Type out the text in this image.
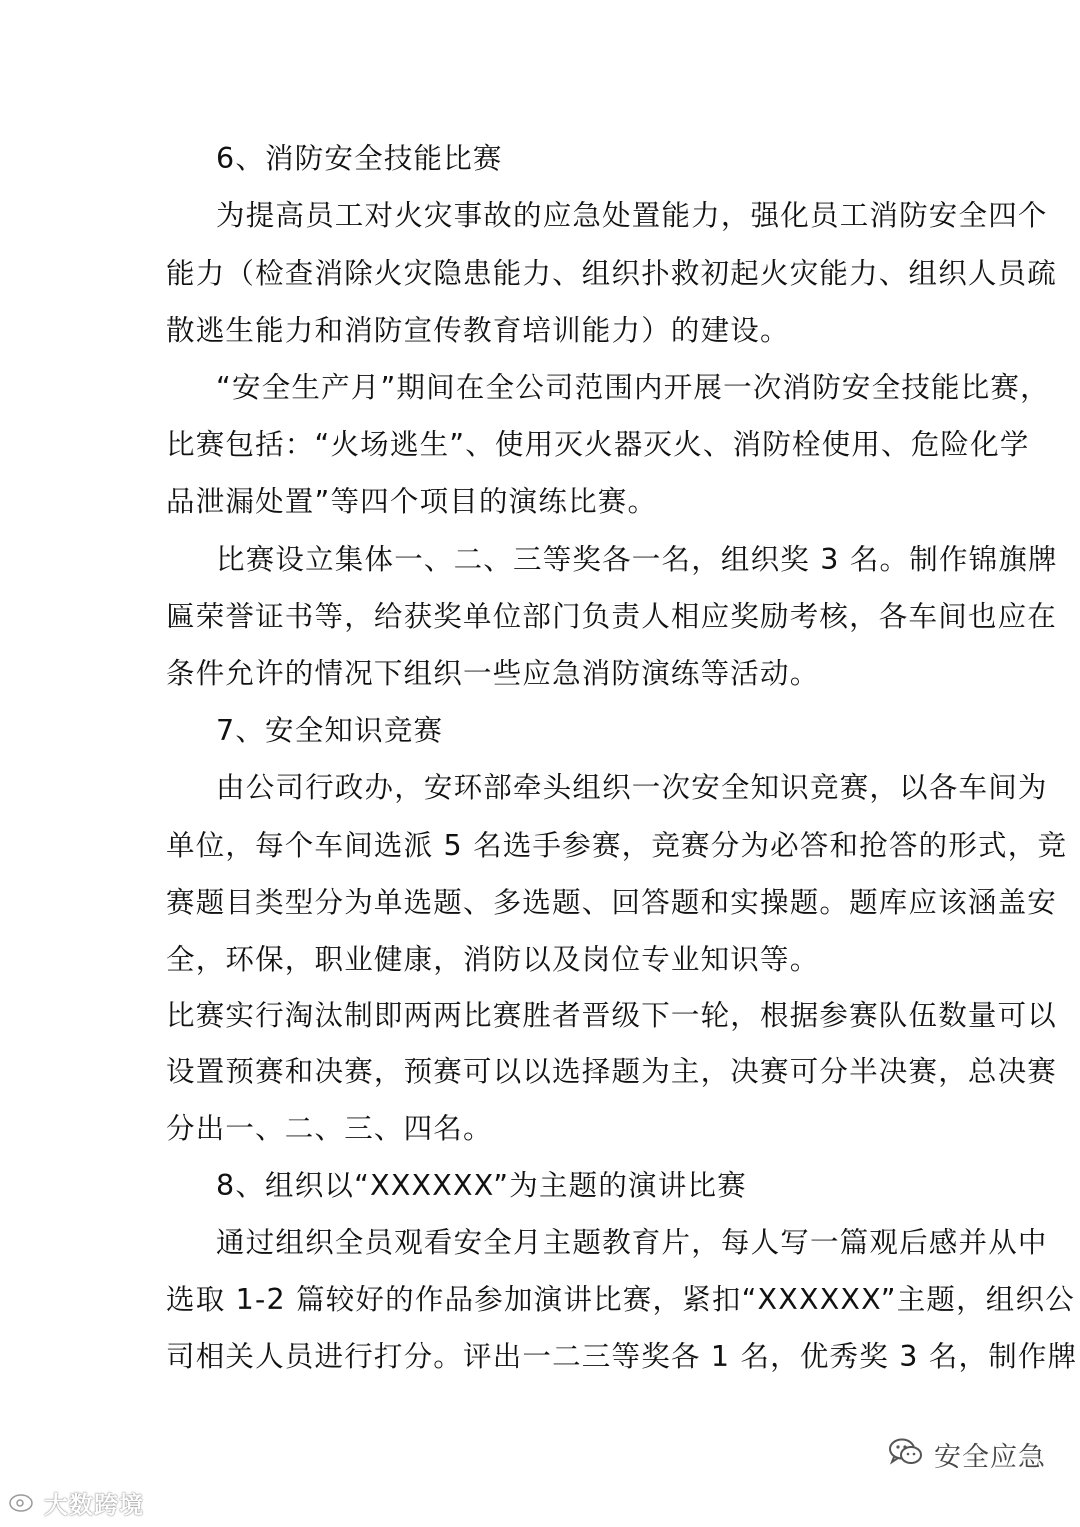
6、消防安全技能比赛
为提高员工对火灾事故的应急处置能力，强化员工消防安全四个
能力（检查消除火灾隐患能力、组织扑救初起火灾能力、组织人员疏
散逃生能力和消防宣传教育培训能力）的建设。
“安全生产月”期间在全公司范围内开展一次消防安全技能比赛，
比赛包括：“火场逃生”、使用灭火器灭火、消防栓使用、危险化学
品泄漏处置”等四个项目的演练比赛。
比赛设立集体一、二、三等奖各一名，组织奖 3 名。制作锦旗牌
匾荣誉证书等，给获奖单位部门负责人相应奖励考核，各车间也应在
条件允许的情况下组织一些应急消防演练等活动。
7、安全知识竞赛
由公司行政办，安环部牵头组织一次安全知识竞赛，以各车间为
单位，每个车间选派 5 名选手参赛，竞赛分为必答和抢答的形式，竞
赛题目类型分为单选题、多选题、回答题和实操题。题库应该涵盖安
全，环保，职业健康，消防以及岗位专业知识等。
比赛实行淘汰制即两两比赛胜者晋级下一轮，根据参赛队伍数量可以
设置预赛和决赛，预赛可以以选择题为主，决赛可分半决赛，总决赛
分出一、二、三、四名。
8、组织以“XXXXXX”为主题的演讲比赛
通过组织全员观看安全月主题教育片，每人写一篇观后感并从中
选取 1-2 篇较好的作品参加演讲比赛，紧扣“XXXXXX”主题，组织公
司相关人员进行打分。评出一二三等奖各 1 名，优秀奖 3 名，制作牌
安全应急
大数跨境
